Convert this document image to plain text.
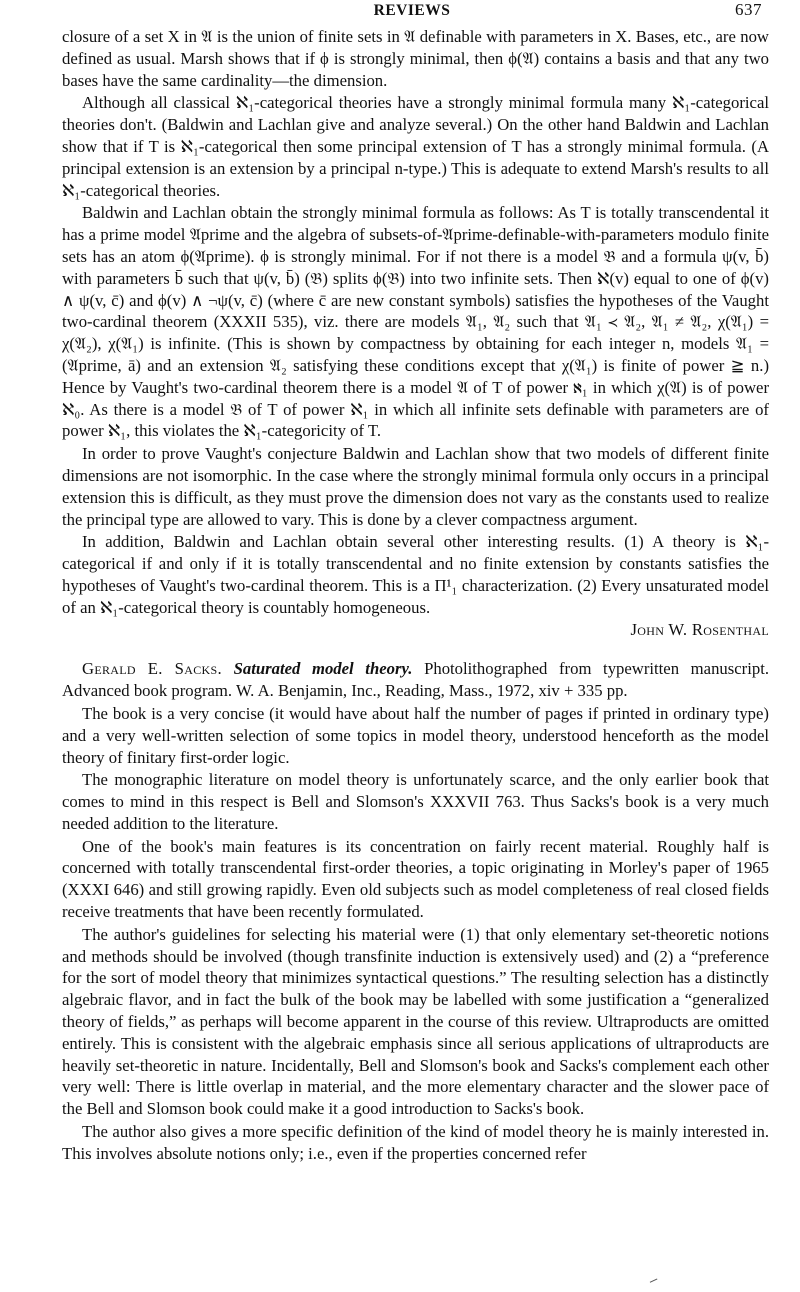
REVIEWS	637

closure of a set X in 𝔄 is the union of finite sets in 𝔄 definable with parameters in X. Bases, etc., are now defined as usual. Marsh shows that if ϕ is strongly minimal, then ϕ(𝔄) contains a basis and that any two bases have the same cardinality—the dimension.

Although all classical ℵ₁-categorical theories have a strongly minimal formula many ℵ₁-categorical theories don't. (Baldwin and Lachlan give and analyze several.) On the other hand Baldwin and Lachlan show that if T is ℵ₁-categorical then some principal extension of T has a strongly minimal formula. (A principal extension is an extension by a principal n-type.) This is adequate to extend Marsh's results to all ℵ₁-categorical theories.

Baldwin and Lachlan obtain the strongly minimal formula as follows: As T is totally transcendental it has a prime model 𝔄prime and the algebra of subsets-of-𝔄prime-definable-with-parameters modulo finite sets has an atom ϕ(𝔄prime). ϕ is strongly minimal. For if not there is a model 𝔅 and a formula ψ(v, b̄) with parameters b̄ such that ψ(v, b̄) (𝔅) splits ϕ(𝔅) into two infinite sets. Then ℵ(v) equal to one of ϕ(v) ∧ ψ(v, c̄) and ϕ(v) ∧ ¬ψ(v, c̄) (where c̄ are new constant symbols) satisfies the hypotheses of the Vaught two-cardinal theorem (XXXII 535), viz. there are models 𝔄₁, 𝔄₂ such that 𝔄₁ ≺ 𝔄₂, 𝔄₁ ≠ 𝔄₂, χ(𝔄₁) = χ(𝔄₂), χ(𝔄₁) is infinite. (This is shown by compactness by obtaining for each integer n, models 𝔄₁ = (𝔄prime, ā) and an extension 𝔄₂ satisfying these conditions except that χ(𝔄₁) is finite of power ≧ n.) Hence by Vaught's two-cardinal theorem there is a model 𝔄 of T of power ℵ₁ in which χ(𝔄) is of power ℵ₀. As there is a model 𝔅 of T of power ℵ₁ in which all infinite sets definable with parameters are of power ℵ₁, this violates the ℵ₁-categoricity of T.

In order to prove Vaught's conjecture Baldwin and Lachlan show that two models of different finite dimensions are not isomorphic. In the case where the strongly minimal formula only occurs in a principal extension this is difficult, as they must prove the dimension does not vary as the constants used to realize the principal type are allowed to vary. This is done by a clever compactness argument.

In addition, Baldwin and Lachlan obtain several other interesting results. (1) A theory is ℵ₁-categorical if and only if it is totally transcendental and no finite extension by constants satisfies the hypotheses of Vaught's two-cardinal theorem. This is a Π¹₁ characterization. (2) Every unsaturated model of an ℵ₁-categorical theory is countably homogeneous.

John W. Rosenthal

Gerald E. Sacks. Saturated model theory. Photolithographed from typewritten manuscript. Advanced book program. W. A. Benjamin, Inc., Reading, Mass., 1972, xiv + 335 pp.

The book is a very concise (it would have about half the number of pages if printed in ordinary type) and a very well-written selection of some topics in model theory, understood henceforth as the model theory of finitary first-order logic.

The monographic literature on model theory is unfortunately scarce, and the only earlier book that comes to mind in this respect is Bell and Slomson's XXXVII 763. Thus Sacks's book is a very much needed addition to the literature.

One of the book's main features is its concentration on fairly recent material. Roughly half is concerned with totally transcendental first-order theories, a topic originating in Morley's paper of 1965 (XXXI 646) and still growing rapidly. Even old subjects such as model completeness of real closed fields receive treatments that have been recently formulated.

The author's guidelines for selecting his material were (1) that only elementary set-theoretic notions and methods should be involved (though transfinite induction is extensively used) and (2) a “preference for the sort of model theory that minimizes syntactical questions.” The resulting selection has a distinctly algebraic flavor, and in fact the bulk of the book may be labelled with some justification a “generalized theory of fields,” as perhaps will become apparent in the course of this review. Ultraproducts are omitted entirely. This is consistent with the algebraic emphasis since all serious applications of ultraproducts are heavily set-theoretic in nature. Incidentally, Bell and Slomson's book and Sacks's complement each other very well: There is little overlap in material, and the more elementary character and the slower pace of the Bell and Slomson book could make it a good introduction to Sacks's book.

The author also gives a more specific definition of the kind of model theory he is mainly interested in. This involves absolute notions only; i.e., even if the properties concerned refer
